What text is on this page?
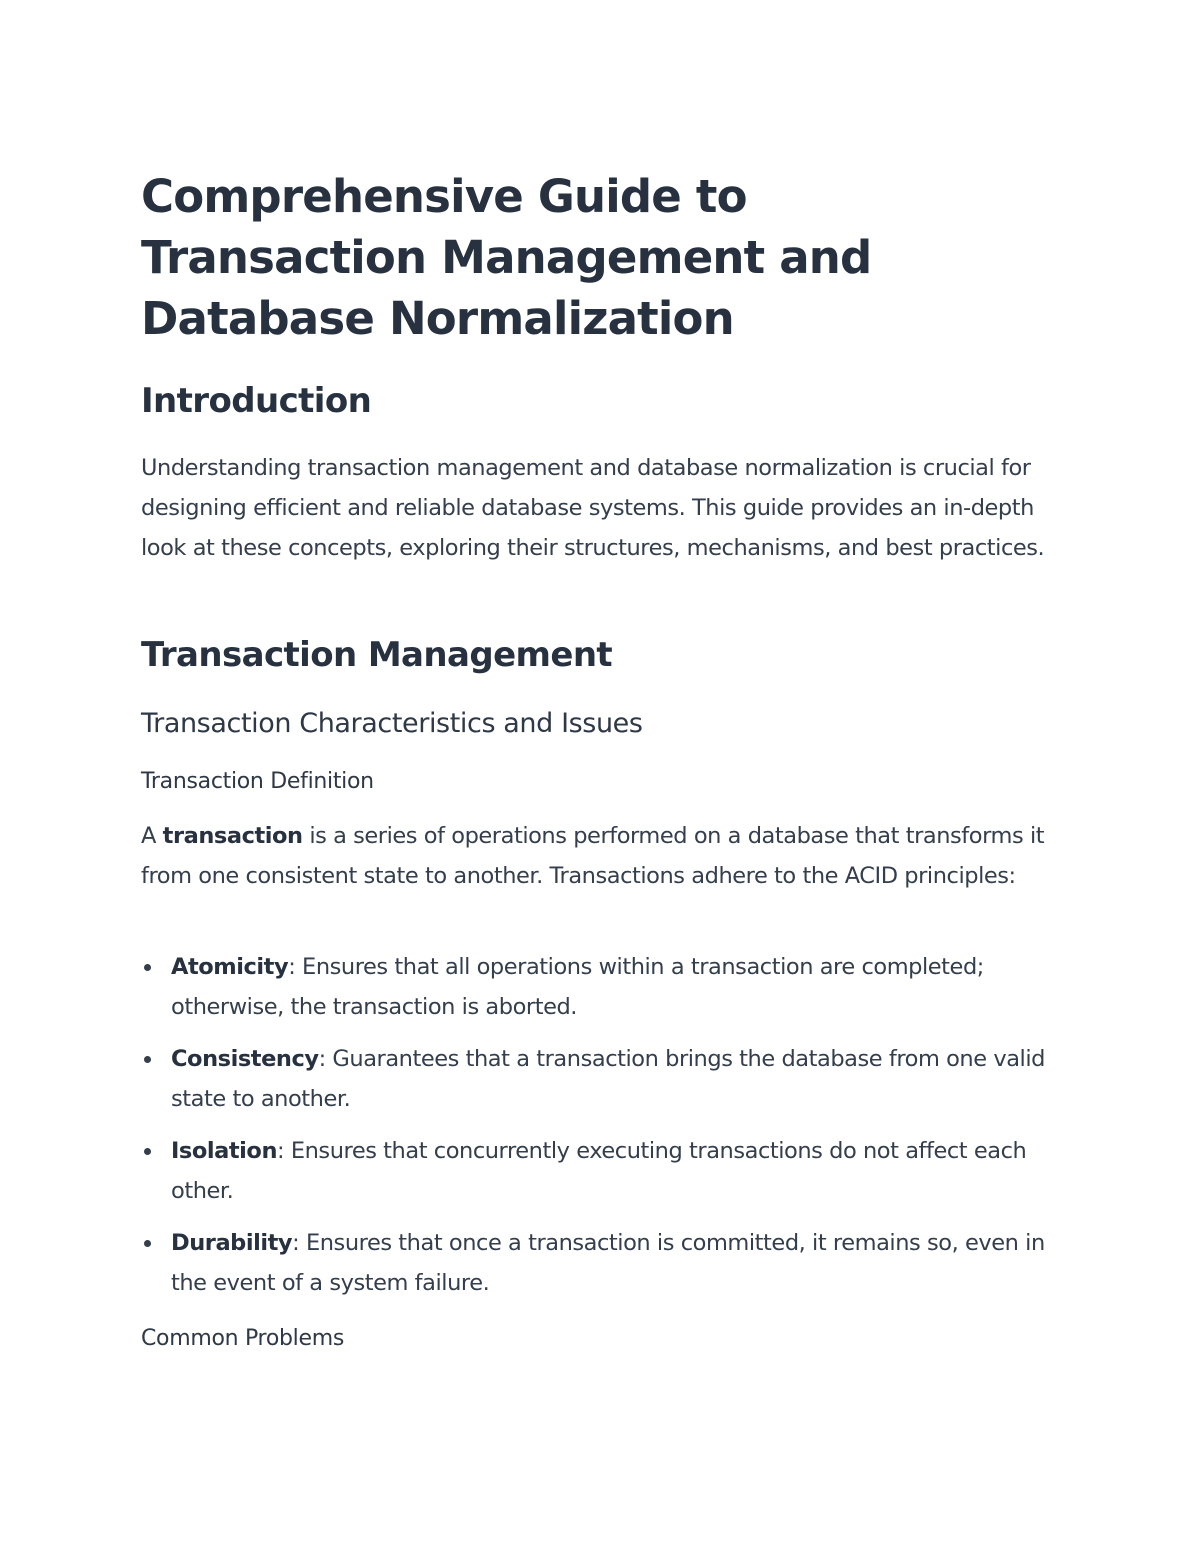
Comprehensive Guide to Transaction Management and Database Normalization
Introduction

Understanding transaction management and database normalization is crucial for designing efficient and reliable database systems. This guide provides an in-depth look at these concepts, exploring their structures, mechanisms, and best practices.

Transaction Management
Transaction Characteristics and Issues
Transaction Definition

A transaction is a series of operations performed on a database that transforms it from one consistent state to another. Transactions adhere to the ACID principles:

Atomicity: Ensures that all operations within a transaction are completed; otherwise, the transaction is aborted.
Consistency: Guarantees that a transaction brings the database from one valid state to another.
Isolation: Ensures that concurrently executing transactions do not affect each other.
Durability: Ensures that once a transaction is committed, it remains so, even in the event of a system failure.
Common Problems
